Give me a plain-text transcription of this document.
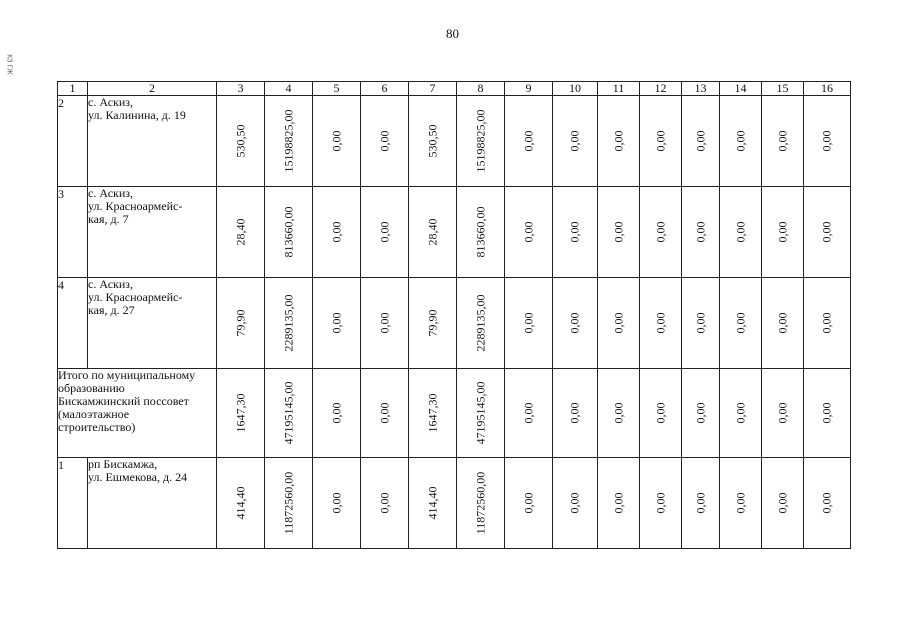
80
КЗ ГЖ
1	2	3	4	5	6	7	8	9	10	11	12	13	14	15	16
2	с. Аскиз,
ул. Калинина, д. 19	530,50	15198825,00	0,00	0,00	530,50	15198825,00	0,00	0,00	0,00	0,00	0,00	0,00	0,00	0,00

3	с. Аскиз,
ул. Красноармейс-
кая, д. 7	28,40	813660,00	0,00	0,00	28,40	813660,00	0,00	0,00	0,00	0,00	0,00	0,00	0,00	0,00

4	с. Аскиз,
ул. Красноармейс-
кая, д. 27	79,90	2289135,00	0,00	0,00	79,90	2289135,00	0,00	0,00	0,00	0,00	0,00	0,00	0,00	0,00

Итого по муниципальному
образованию
Бискамжинский поссовет
(малоэтажное
строительство)		1647,30	47195145,00	0,00	0,00	1647,30	47195145,00	0,00	0,00	0,00	0,00	0,00	0,00	0,00	0,00

1	рп Бискамжа,
ул. Ешмекова, д. 24	414,40	11872560,00	0,00	0,00	414,40	11872560,00	0,00	0,00	0,00	0,00	0,00	0,00	0,00	0,00
